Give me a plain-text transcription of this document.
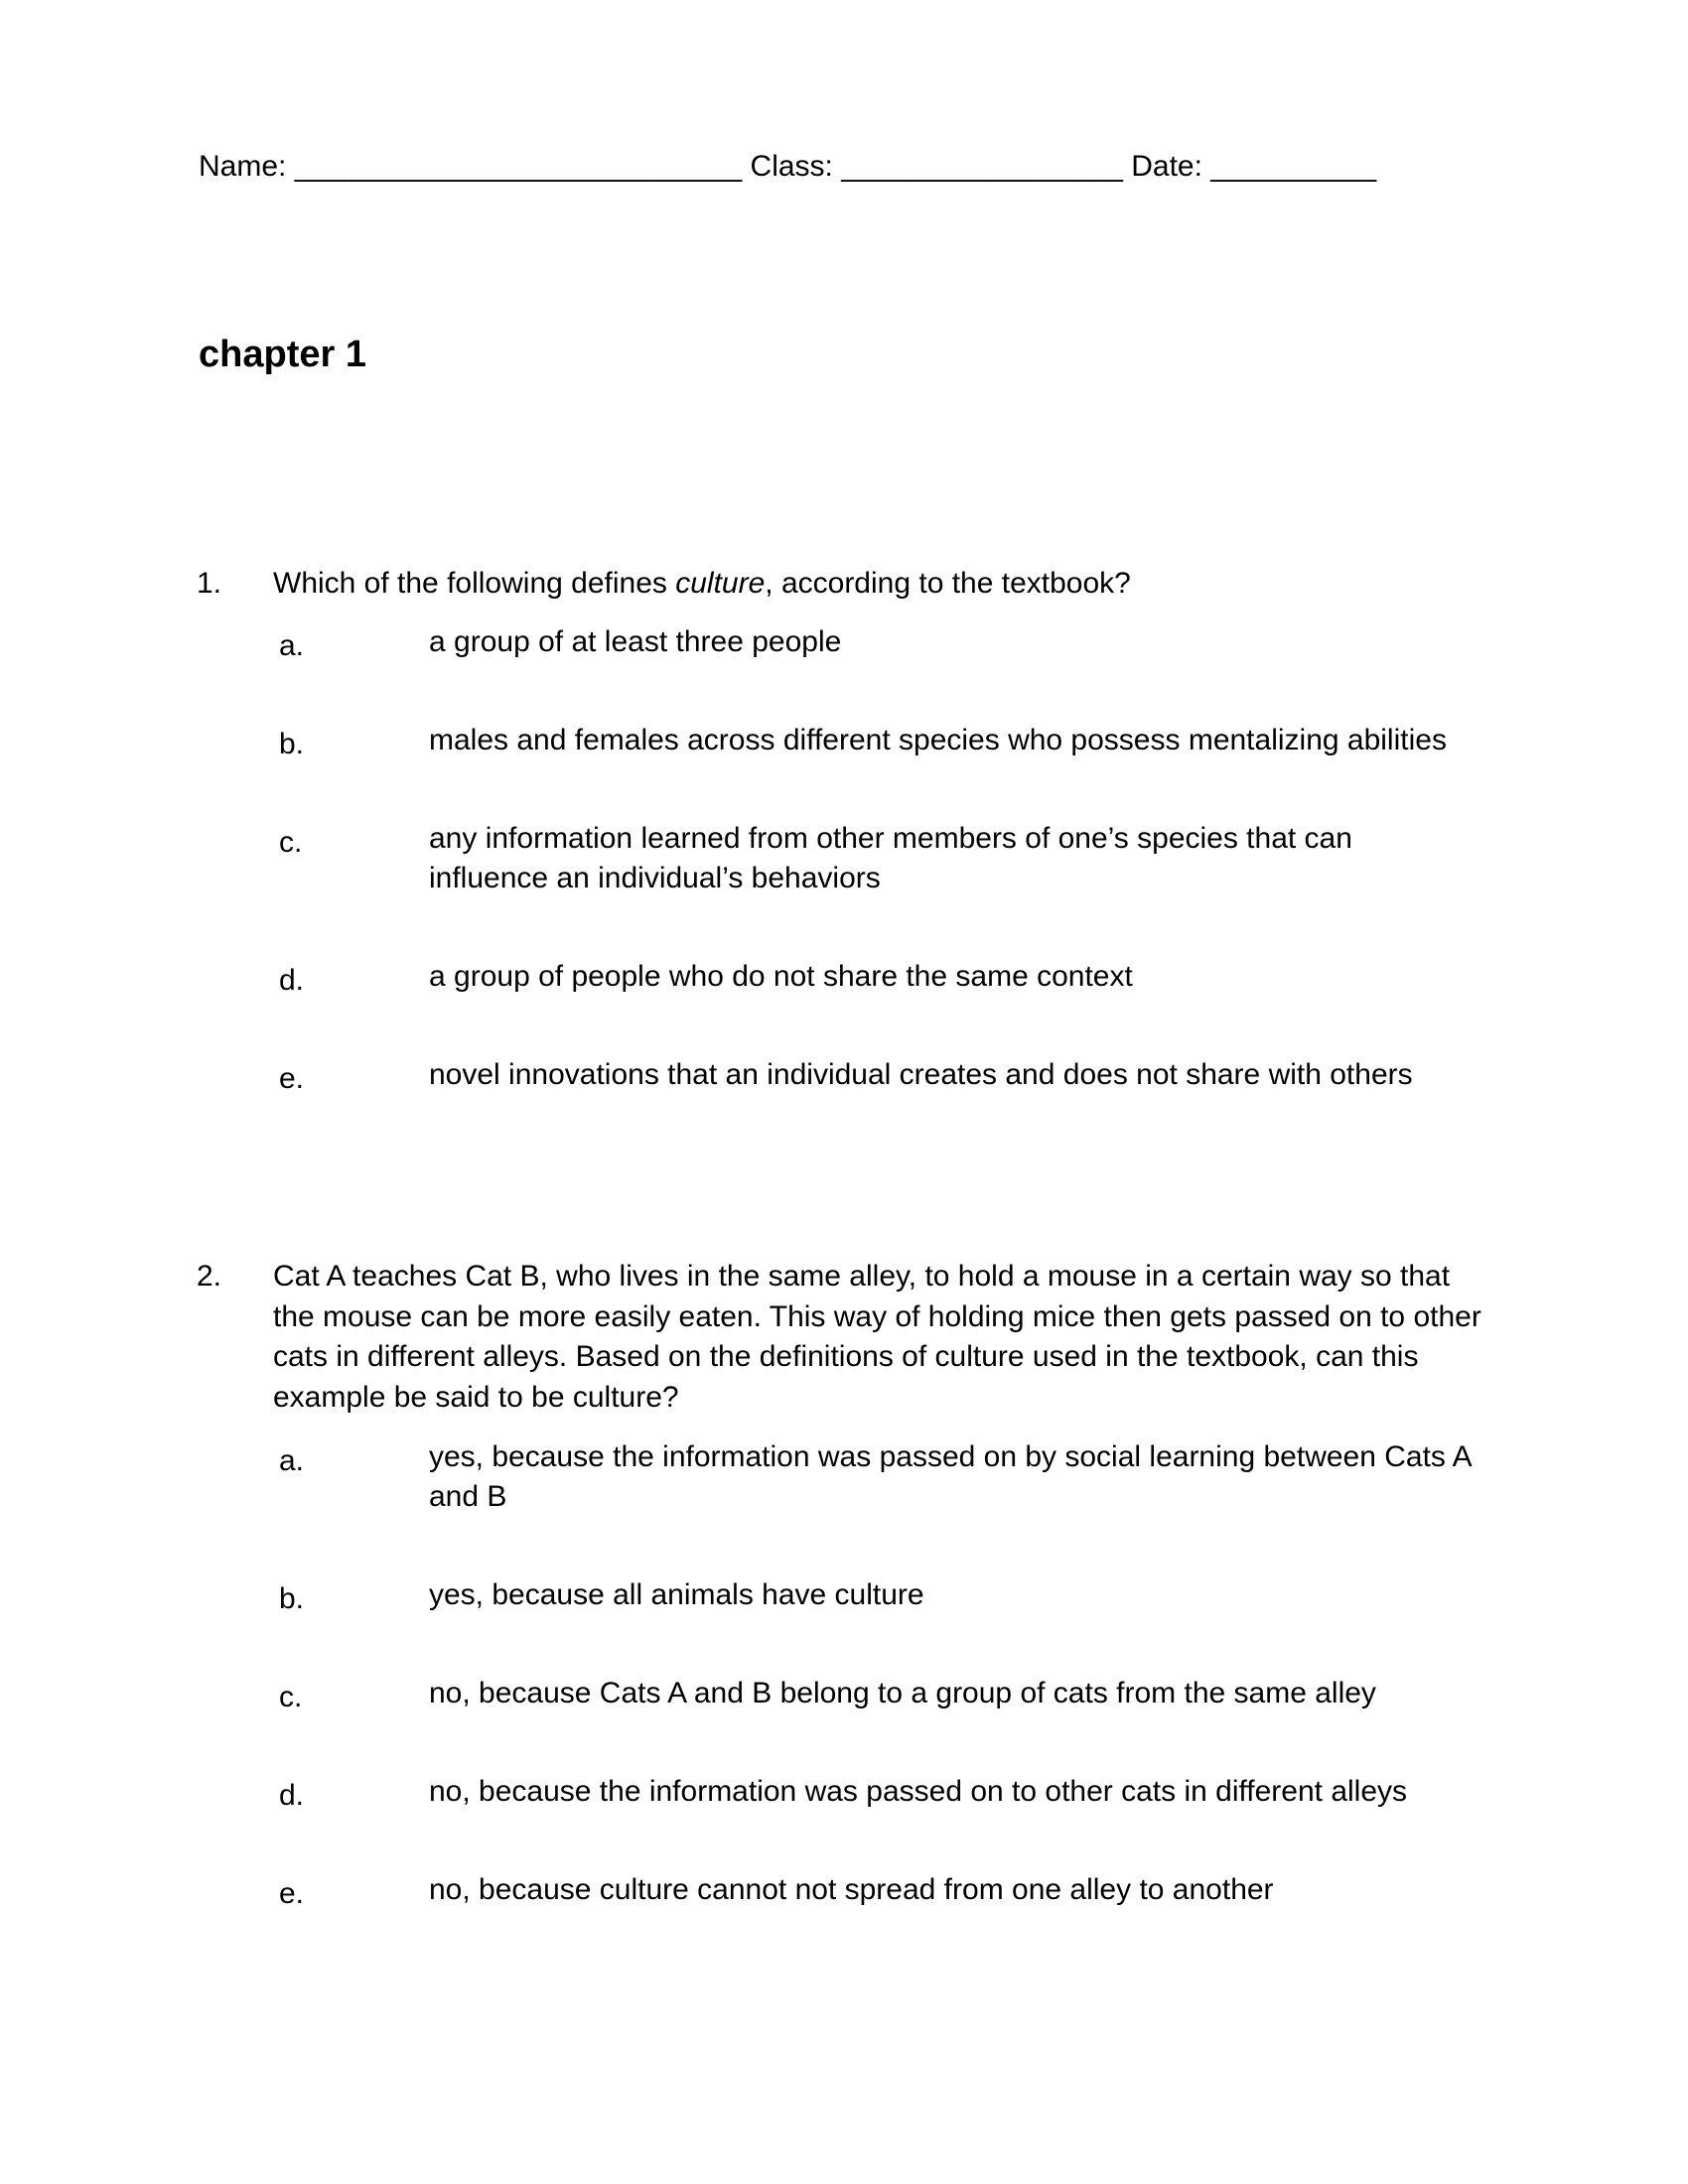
Name: ___________________________ Class: _________________ Date: __________
chapter 1
1. Which of the following defines culture, according to the textbook?
a.	a group of at least three people
b.	males and females across different species who possess mentalizing abilities
c.	any information learned from other members of one’s species that can influence an individual’s behaviors
d.	a group of people who do not share the same context
e.	novel innovations that an individual creates and does not share with others
2. Cat A teaches Cat B, who lives in the same alley, to hold a mouse in a certain way so that the mouse can be more easily eaten. This way of holding mice then gets passed on to other cats in different alleys. Based on the definitions of culture used in the textbook, can this example be said to be culture?
a.	yes, because the information was passed on by social learning between Cats A and B
b.	yes, because all animals have culture
c.	no, because Cats A and B belong to a group of cats from the same alley
d.	no, because the information was passed on to other cats in different alleys
e.	no, because culture cannot not spread from one alley to another
